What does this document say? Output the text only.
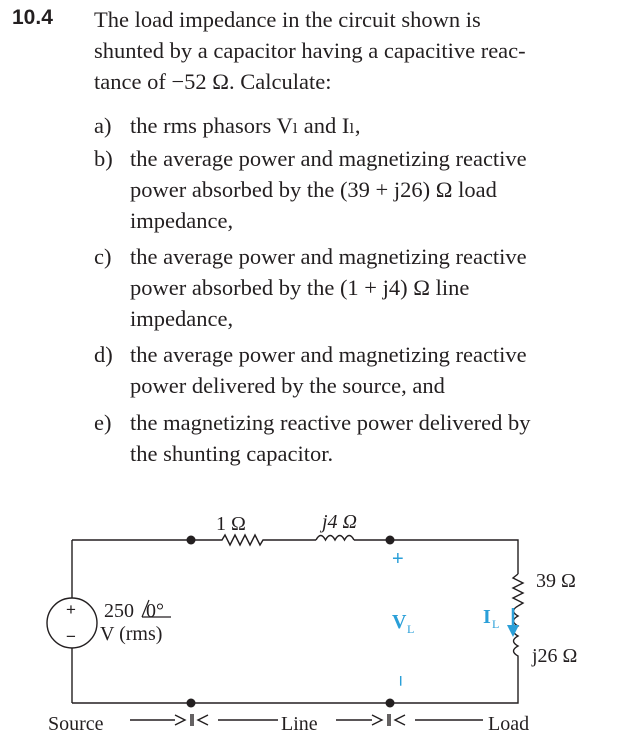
10.4 The load impedance in the circuit shown is
shunted by a capacitor having a capacitive reac-
tance of −52 Ω. Calculate:
a) the rms phasors Vₗ and Iₗ,
b) the average power and magnetizing reactive
power absorbed by the (39 + j26) Ω load
impedance,
c) the average power and magnetizing reactive
power absorbed by the (1 + j4) Ω line
impedance,
d) the average power and magnetizing reactive
power delivered by the source, and
e) the magnetizing reactive power delivered by
the shunting capacitor.
1 Ω	j4 Ω
39 Ω
j26 Ω
250 0°
V (rms)
Source	Line	Load
+
−
+
−
V L
I L
